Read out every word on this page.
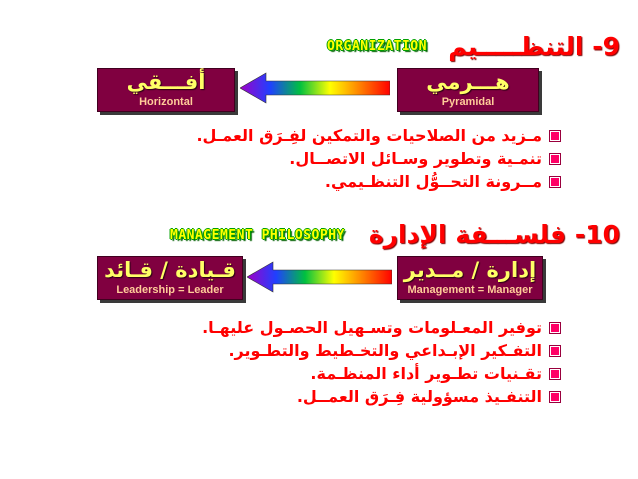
9- التنظـــــيم
ORGANIZATION
أفـــقي
Horizontal
هـــرمي
Pyramidal
مـزيد من الصلاحيات والتمكين لفِـرَق العمـل.
تنمـية وتطوير وسـائل الاتصــال.
مــرونة التحــوُّل التنظـيمي.
10- فلســـفة الإدارة
MANAGEMENT PHILOSOPHY
قـيادة / قـائد
Leadership = Leader
إدارة / مــدير
Management = Manager
توفير المعـلومات وتسـهيل الحصـول عليهـا.
التفـكير الإبـداعي والتخـطيط والتطـوير.
تقـنيات تطـوير أداء المنظـمة.
التنفـيذ مسؤولية فِـرَق العمــل.
